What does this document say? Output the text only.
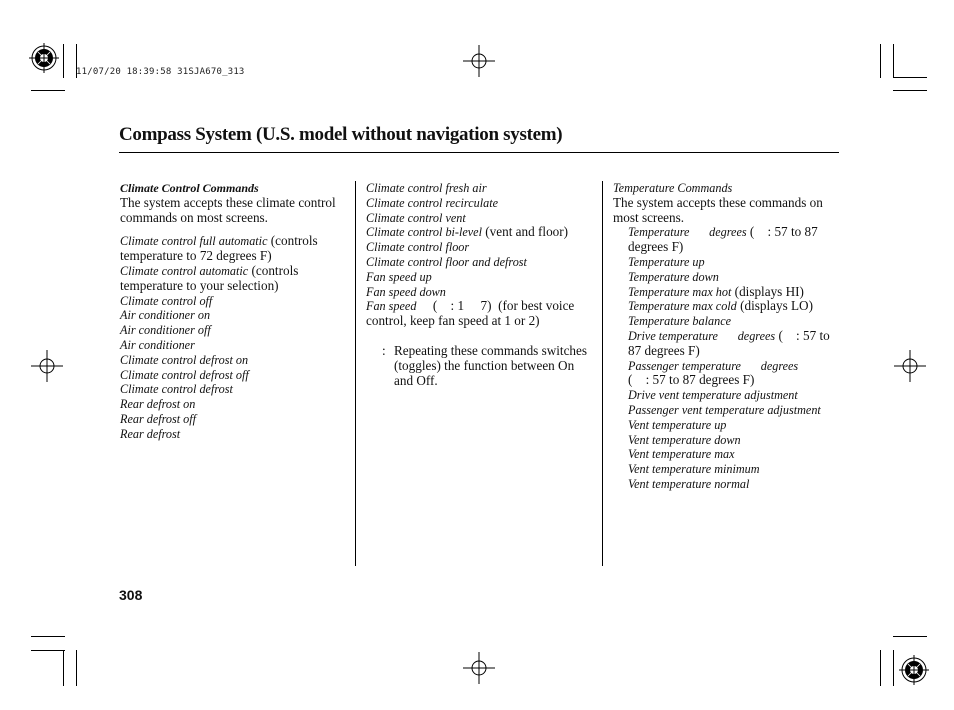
11/07/20 18:39:58 31SJA670_313
Compass System (U.S. model without navigation system)

Climate Control Commands

The system accepts these climate control commands on most screens.

Climate control full automatic (controls temperature to 72 degrees F)

Climate control automatic (controls temperature to your selection)

Climate control off

Air conditioner on

Air conditioner off

Air conditioner

Climate control defrost on

Climate control defrost off

Climate control defrost

Rear defrost on

Rear defrost off

Rear defrost

Climate control fresh air

Climate control recirculate

Climate control vent

Climate control bi-level (vent and floor)

Climate control floor

Climate control floor and defrost

Fan speed up

Fan speed down

Fan speed     (    : 1     7)  (for best voice control, keep fan speed at 1 or 2)

: Repeating these commands switches (toggles) the function between On and Off.

Temperature Commands

The system accepts these commands on most screens.

Temperature degrees (    : 57 to 87 degrees F)

Temperature up

Temperature down

Temperature max hot (displays HI)

Temperature max cold (displays LO)

Temperature balance

Drive temperature degrees (    : 57 to 87 degrees F)

Passenger temperature degrees
(    : 57 to 87 degrees F)

Drive vent temperature adjustment

Passenger vent temperature adjustment

Vent temperature up

Vent temperature down

Vent temperature max

Vent temperature minimum

Vent temperature normal

308
